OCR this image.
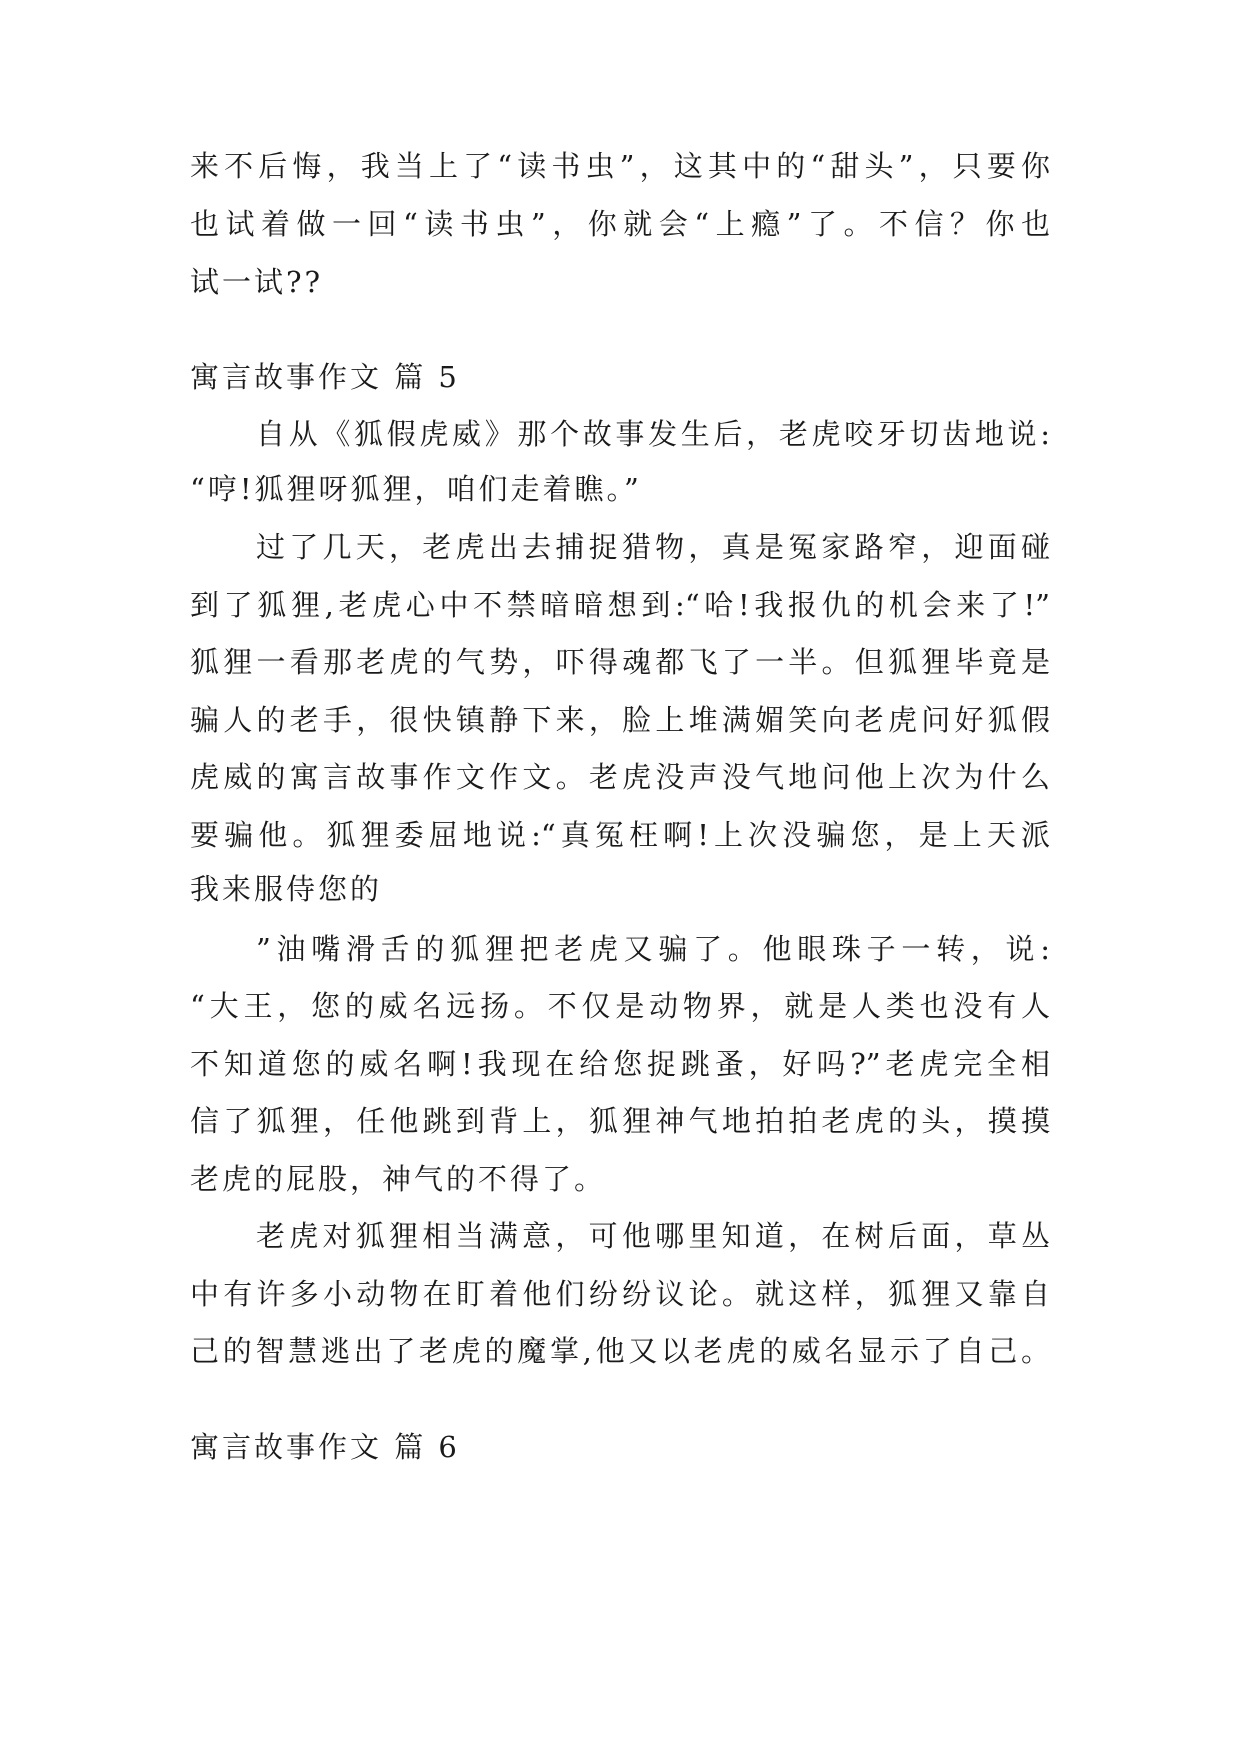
来不后悔，我当上了“读书虫”，这其中的“甜头”，只要你
也试着做一回“读书虫”，你就会“上瘾”了。不信？你也
试一试??
寓言故事作文 篇 5
自从《狐假虎威》那个故事发生后，老虎咬牙切齿地说:
“哼!狐狸呀狐狸，咱们走着瞧。”
过了几天，老虎出去捕捉猎物，真是冤家路窄，迎面碰
到了狐狸,老虎心中不禁暗暗想到:“哈!我报仇的机会来了!”
狐狸一看那老虎的气势，吓得魂都飞了一半。但狐狸毕竟是
骗人的老手，很快镇静下来，脸上堆满媚笑向老虎问好狐假
虎威的寓言故事作文作文。老虎没声没气地问他上次为什么
要骗他。狐狸委屈地说:“真冤枉啊!上次没骗您，是上天派
我来服侍您的
”油嘴滑舌的狐狸把老虎又骗了。他眼珠子一转，说:
“大王，您的威名远扬。不仅是动物界，就是人类也没有人
不知道您的威名啊!我现在给您捉跳蚤，好吗?”老虎完全相
信了狐狸，任他跳到背上，狐狸神气地拍拍老虎的头，摸摸
老虎的屁股，神气的不得了。
老虎对狐狸相当满意，可他哪里知道，在树后面，草丛
中有许多小动物在盯着他们纷纷议论。就这样，狐狸又靠自
己的智慧逃出了老虎的魔掌,他又以老虎的威名显示了自己。
寓言故事作文 篇 6
